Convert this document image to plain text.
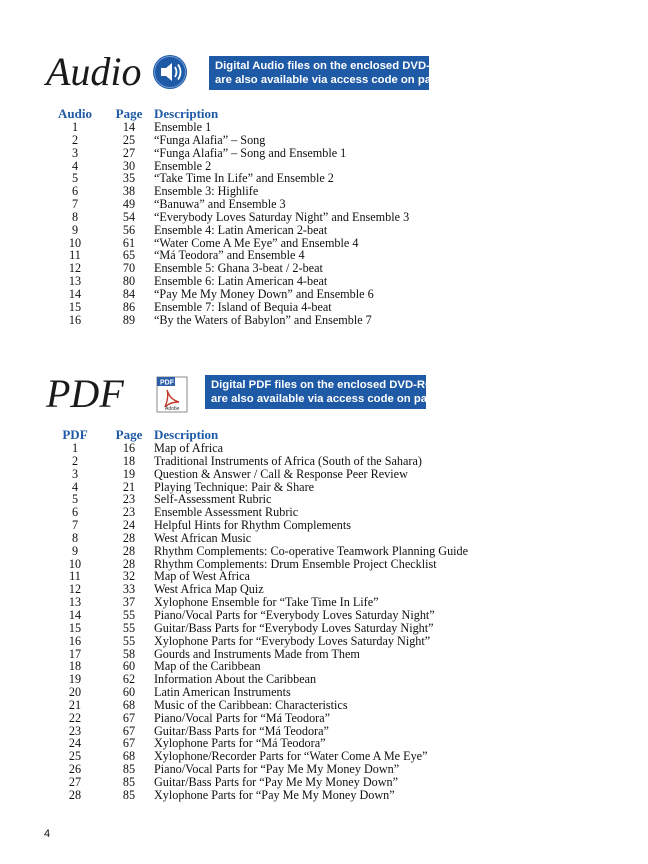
Audio	Digital Audio files on the enclosed DVD-ROM
are also available via access code on page 1.
Audio	Page	Description
1	14	Ensemble 1
2	25	“Funga Alafia” – Song
3	27	“Funga Alafia” – Song and Ensemble 1
4	30	Ensemble 2
5	35	“Take Time In Life” and Ensemble 2
6	38	Ensemble 3: Highlife
7	49	“Banuwa” and Ensemble 3
8	54	“Everybody Loves Saturday Night” and Ensemble 3
9	56	Ensemble 4: Latin American 2-beat
10	61	“Water Come A Me Eye” and Ensemble 4
11	65	“Má Teodora” and Ensemble 4
12	70	Ensemble 5: Ghana 3-beat / 2-beat
13	80	Ensemble 6: Latin American 4-beat
14	84	“Pay Me My Money Down” and Ensemble 6
15	86	Ensemble 7: Island of Bequia 4-beat
16	89	“By the Waters of Babylon” and Ensemble 7
PDF	PDF
Adobe
Digital PDF files on the enclosed DVD-ROM
are also available via access code on page 1.
PDF	Page	Description
1	16	Map of Africa
2	18	Traditional Instruments of Africa (South of the Sahara)
3	19	Question & Answer / Call & Response Peer Review
4	21	Playing Technique: Pair & Share
5	23	Self-Assessment Rubric
6	23	Ensemble Assessment Rubric
7	24	Helpful Hints for Rhythm Complements
8	28	West African Music
9	28	Rhythm Complements: Co-operative Teamwork Planning Guide
10	28	Rhythm Complements: Drum Ensemble Project Checklist
11	32	Map of West Africa
12	33	West Africa Map Quiz
13	37	Xylophone Ensemble for “Take Time In Life”
14	55	Piano/Vocal Parts for “Everybody Loves Saturday Night”
15	55	Guitar/Bass Parts for “Everybody Loves Saturday Night”
16	55	Xylophone Parts for “Everybody Loves Saturday Night”
17	58	Gourds and Instruments Made from Them
18	60	Map of the Caribbean
19	62	Information About the Caribbean
20	60	Latin American Instruments
21	68	Music of the Caribbean: Characteristics
22	67	Piano/Vocal Parts for “Má Teodora”
23	67	Guitar/Bass Parts for “Má Teodora”
24	67	Xylophone Parts for “Má Teodora”
25	68	Xylophone/Recorder Parts for “Water Come A Me Eye”
26	85	Piano/Vocal Parts for “Pay Me My Money Down”
27	85	Guitar/Bass Parts for “Pay Me My Money Down”
28	85	Xylophone Parts for “Pay Me My Money Down”
4
